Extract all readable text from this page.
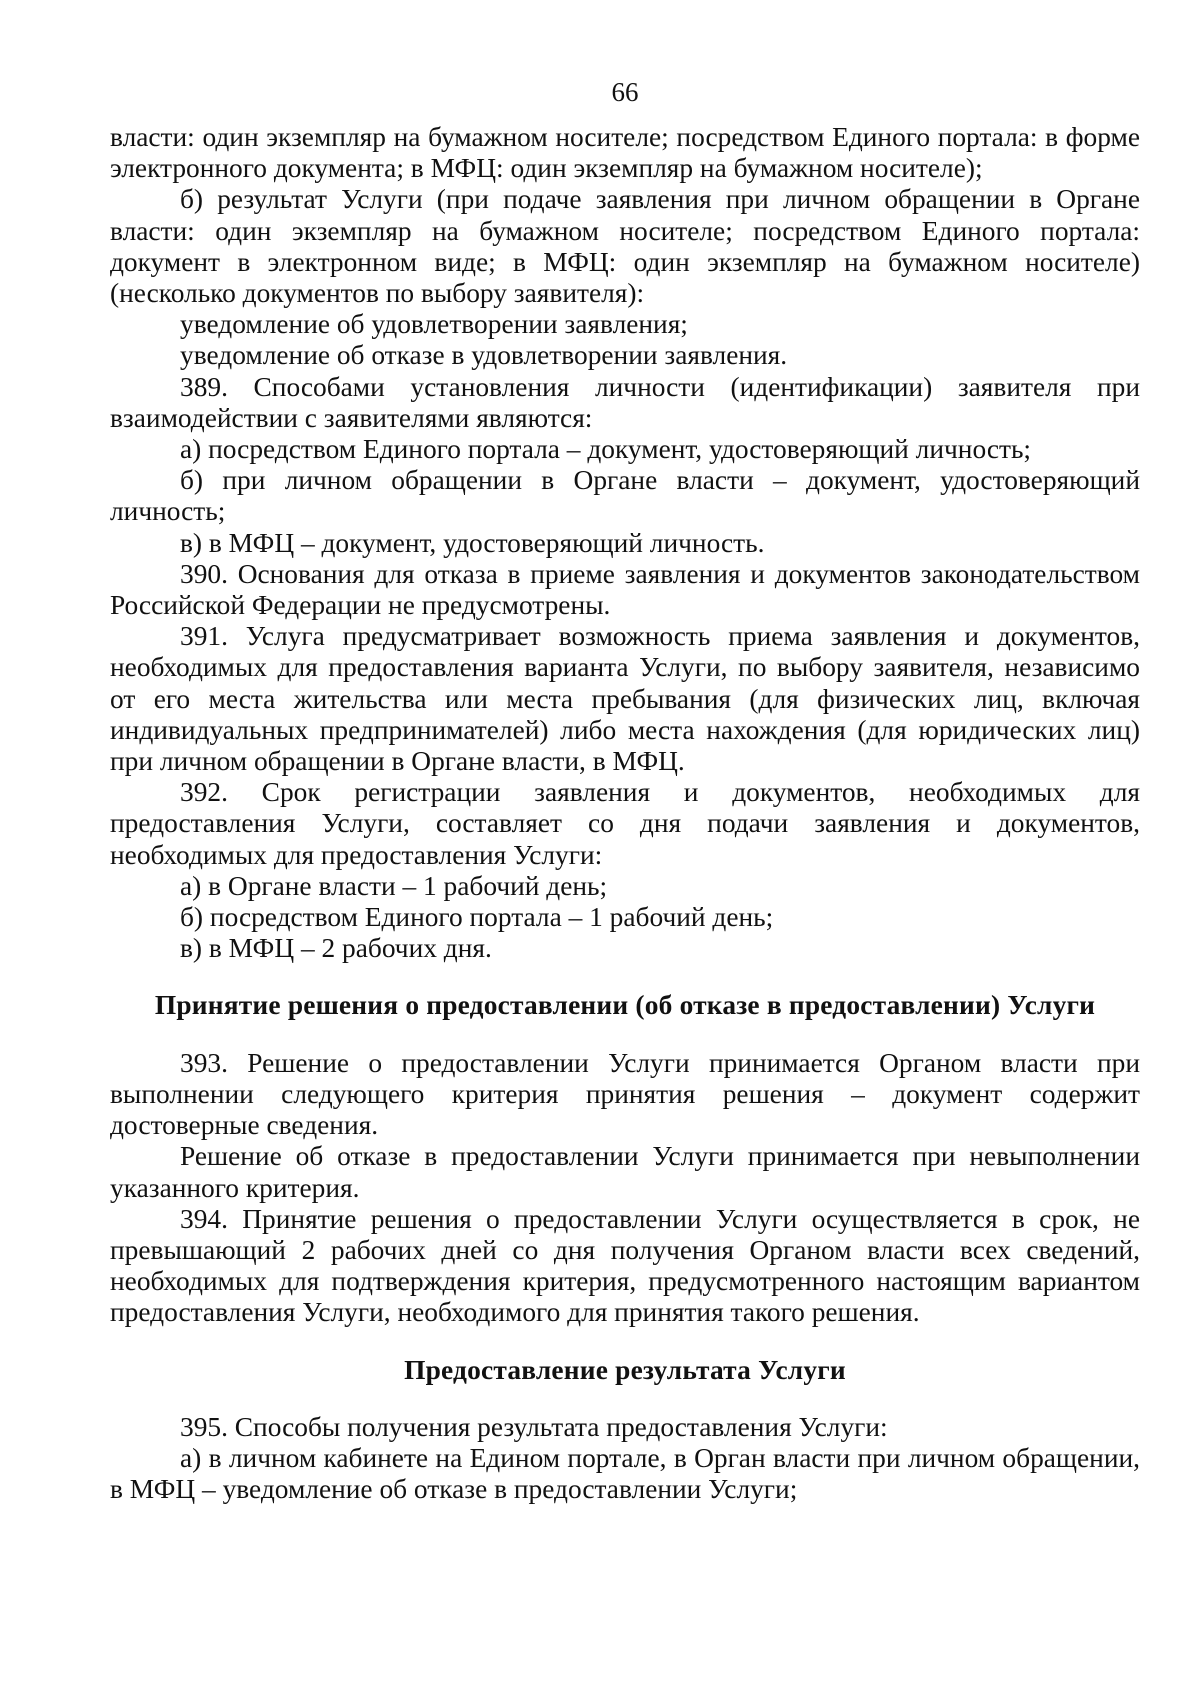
66

власти: один экземпляр на бумажном носителе; посредством Единого портала: в форме электронного документа; в МФЦ: один экземпляр на бумажном носителе);

б) результат Услуги (при подаче заявления при личном обращении в Органе власти: один экземпляр на бумажном носителе; посредством Единого портала: документ в электронном виде; в МФЦ: один экземпляр на бумажном носителе) (несколько документов по выбору заявителя):

уведомление об удовлетворении заявления;

уведомление об отказе в удовлетворении заявления.

389. Способами установления личности (идентификации) заявителя при взаимодействии с заявителями являются:

а) посредством Единого портала – документ, удостоверяющий личность;

б) при личном обращении в Органе власти – документ, удостоверяющий личность;

в) в МФЦ – документ, удостоверяющий личность.

390. Основания для отказа в приеме заявления и документов законодательством Российской Федерации не предусмотрены.

391. Услуга предусматривает возможность приема заявления и документов, необходимых для предоставления варианта Услуги, по выбору заявителя, независимо от его места жительства или места пребывания (для физических лиц, включая индивидуальных предпринимателей) либо места нахождения (для юридических лиц) при личном обращении в Органе власти, в МФЦ.

392. Срок регистрации заявления и документов, необходимых для предоставления Услуги, составляет со дня подачи заявления и документов, необходимых для предоставления Услуги:

а) в Органе власти – 1 рабочий день;

б) посредством Единого портала – 1 рабочий день;

в) в МФЦ – 2 рабочих дня.

Принятие решения о предоставлении (об отказе в предоставлении) Услуги

393. Решение о предоставлении Услуги принимается Органом власти при выполнении следующего критерия принятия решения – документ содержит достоверные сведения.

Решение об отказе в предоставлении Услуги принимается при невыполнении указанного критерия.

394. Принятие решения о предоставлении Услуги осуществляется в срок, не превышающий 2 рабочих дней со дня получения Органом власти всех сведений, необходимых для подтверждения критерия, предусмотренного настоящим вариантом предоставления Услуги, необходимого для принятия такого решения.

Предоставление результата Услуги

395. Способы получения результата предоставления Услуги:

а) в личном кабинете на Едином портале, в Орган власти при личном обращении, в МФЦ – уведомление об отказе в предоставлении Услуги;
